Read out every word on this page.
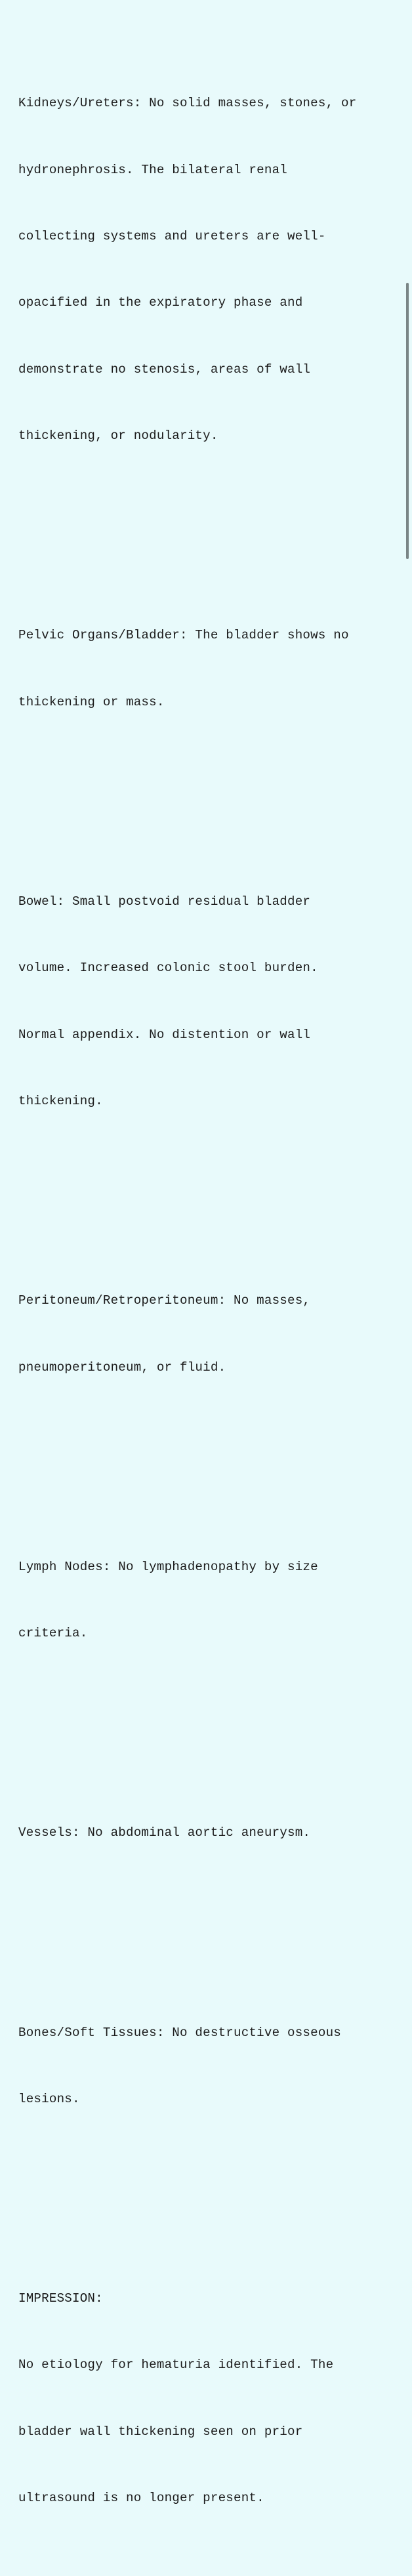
Kidneys/Ureters: No solid masses, stones, or

hydronephrosis. The bilateral renal

collecting systems and ureters are well-

opacified in the expiratory phase and

demonstrate no stenosis, areas of wall

thickening, or nodularity.

Pelvic Organs/Bladder: The bladder shows no

thickening or mass.

Bowel: Small postvoid residual bladder

volume. Increased colonic stool burden.

Normal appendix. No distention or wall

thickening.

Peritoneum/Retroperitoneum: No masses,

pneumoperitoneum, or fluid.

Lymph Nodes: No lymphadenopathy by size

criteria.

Vessels: No abdominal aortic aneurysm.

Bones/Soft Tissues: No destructive osseous

lesions.

IMPRESSION:

No etiology for hematuria identified. The

bladder wall thickening seen on prior

ultrasound is no longer present.
